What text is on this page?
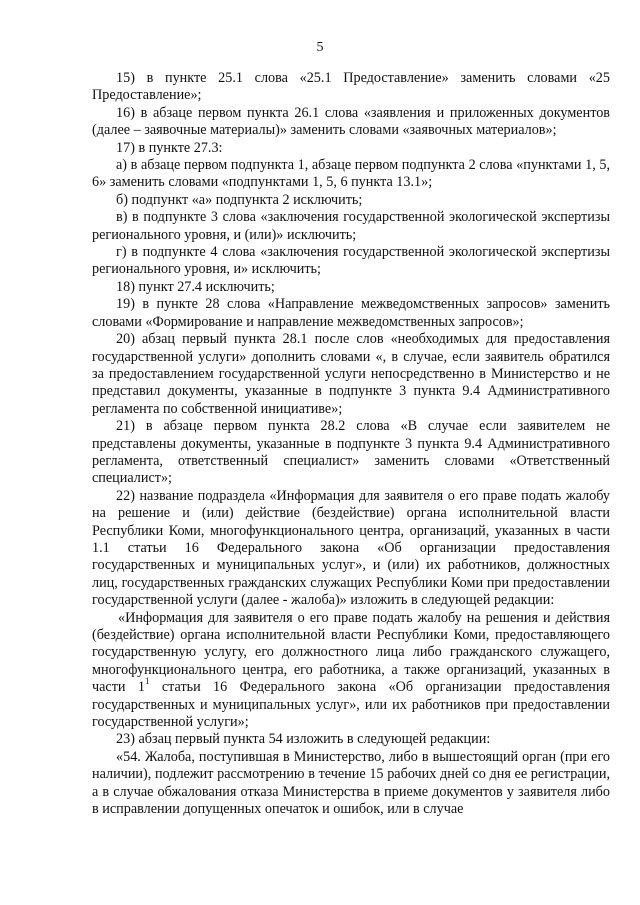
5

15) в пункте 25.1 слова «25.1 Предоставление» заменить словами «25 Предоставление»;

16) в абзаце первом пункта 26.1 слова «заявления и приложенных документов (далее – заявочные материалы)» заменить словами «заявочных материалов»;

17) в пункте 27.3:

а) в абзаце первом подпункта 1, абзаце первом подпункта 2 слова «пунктами 1, 5, 6» заменить словами «подпунктами 1, 5, 6 пункта 13.1»;

б) подпункт «а» подпункта 2 исключить;

в) в подпункте 3 слова «заключения государственной экологической экспертизы регионального уровня, и (или)» исключить;

г) в подпункте 4 слова «заключения государственной экологической экспертизы регионального уровня, и» исключить;

18) пункт 27.4 исключить;

19) в пункте 28 слова «Направление межведомственных запросов» заменить словами «Формирование и направление межведомственных запросов»;

20) абзац первый пункта 28.1 после слов «необходимых для предоставления государственной услуги» дополнить словами «, в случае, если заявитель обратился за предоставлением государственной услуги непосредственно в Министерство и не представил документы, указанные в подпункте 3 пункта 9.4 Административного регламента по собственной инициативе»;

21) в абзаце первом пункта 28.2 слова «В случае если заявителем не представлены документы, указанные в подпункте 3 пункта 9.4 Административного регламента, ответственный специалист» заменить словами «Ответственный специалист»;

22) название подраздела «Информация для заявителя о его праве подать жалобу на решение и (или) действие (бездействие) органа исполнительной власти Республики Коми, многофункционального центра, организаций, указанных в части 1.1 статьи 16 Федерального закона «Об организации предоставления государственных и муниципальных услуг», и (или) их работников, должностных лиц, государственных гражданских служащих Республики Коми при предоставлении государственной услуги (далее - жалоба)» изложить в следующей редакции:

«Информация для заявителя о его праве подать жалобу на решения и действия (бездействие) органа исполнительной власти Республики Коми, предоставляющего государственную услугу, его должностного лица либо гражданского служащего, многофункционального центра, его работника, а также организаций, указанных в части $1^1$ статьи 16 Федерального закона «Об организации предоставления государственных и муниципальных услуг», или их работников при предоставлении государственной услуги»;

23) абзац первый пункта 54 изложить в следующей редакции:

«54. Жалоба, поступившая в Министерство, либо в вышестоящий орган (при его наличии), подлежит рассмотрению в течение 15 рабочих дней со дня ее регистрации, а в случае обжалования отказа Министерства в приеме документов у заявителя либо в исправлении допущенных опечаток и ошибок, или в случае
